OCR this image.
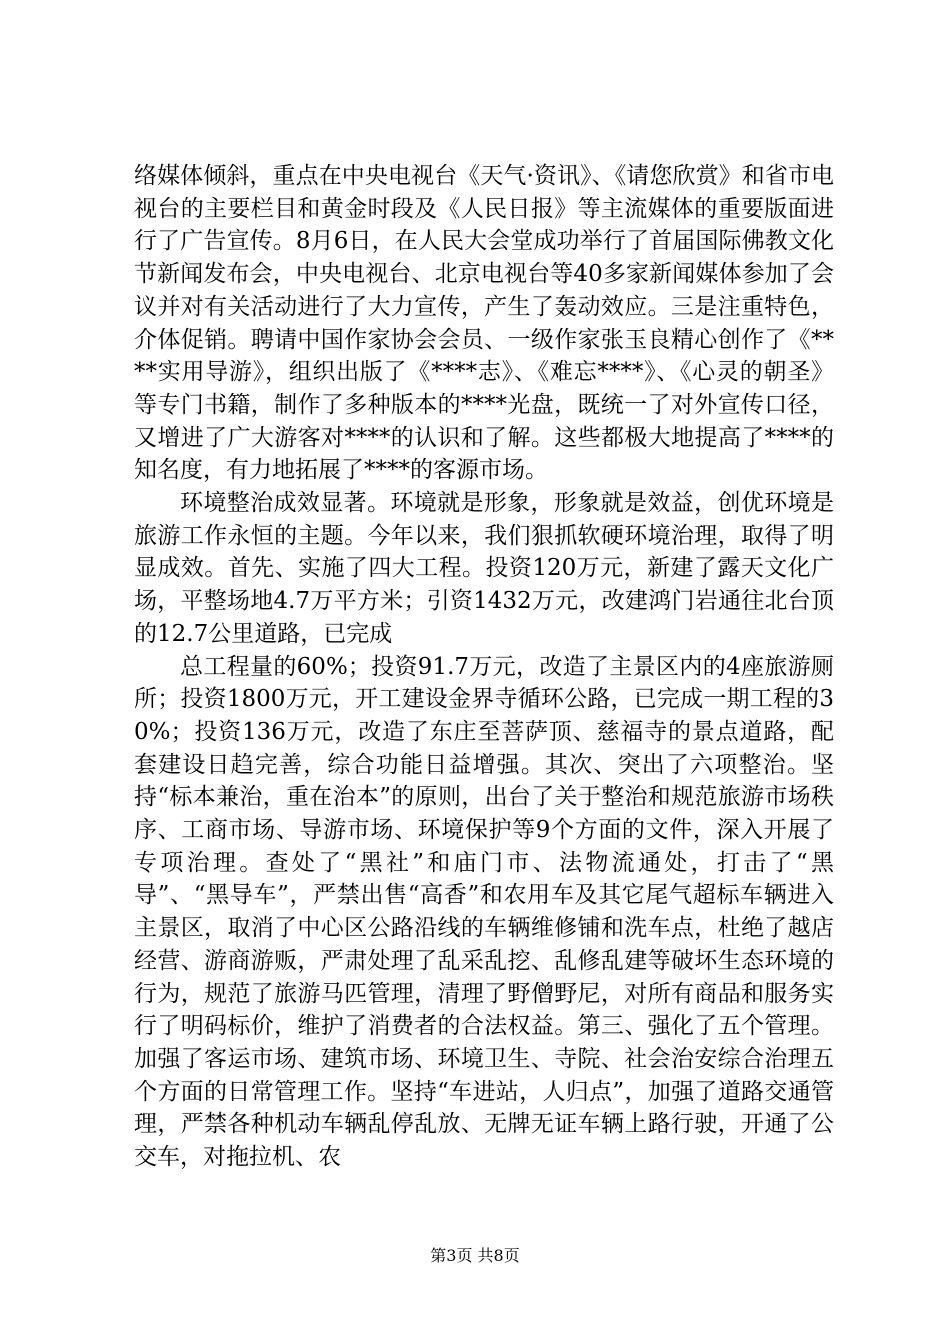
络媒体倾斜，重点在中央电视台《天气·资讯》、《请您欣赏》和省市电视台的主要栏目和黄金时段及《人民日报》等主流媒体的重要版面进行了广告宣传。8月6日，在人民大会堂成功举行了首届国际佛教文化节新闻发布会，中央电视台、北京电视台等40多家新闻媒体参加了会议并对有关活动进行了大力宣传，产生了轰动效应。三是注重特色，介体促销。聘请中国作家协会会员、一级作家张玉良精心创作了《****实用导游》，组织出版了《****志》、《难忘****》、《心灵的朝圣》等专门书籍，制作了多种版本的****光盘，既统一了对外宣传口径，又增进了广大游客对****的认识和了解。这些都极大地提高了****的知名度，有力地拓展了****的客源市场。

环境整治成效显著。环境就是形象，形象就是效益，创优环境是旅游工作永恒的主题。今年以来，我们狠抓软硬环境治理，取得了明显成效。首先、实施了四大工程。投资120万元，新建了露天文化广场，平整场地4.7万平方米；引资1432万元，改建鸿门岩通往北台顶的12.7公里道路，已完成

总工程量的60%；投资91.7万元，改造了主景区内的4座旅游厕所；投资1800万元，开工建设金界寺循环公路，已完成一期工程的30%；投资136万元，改造了东庄至菩萨顶、慈福寺的景点道路，配套建设日趋完善，综合功能日益增强。其次、突出了六项整治。坚持“标本兼治，重在治本”的原则，出台了关于整治和规范旅游市场秩序、工商市场、导游市场、环境保护等9个方面的文件，深入开展了专项治理。查处了“黑社”和庙门市、法物流通处，打击了“黑导”、“黑导车”，严禁出售“高香”和农用车及其它尾气超标车辆进入主景区，取消了中心区公路沿线的车辆维修铺和洗车点，杜绝了越店经营、游商游贩，严肃处理了乱采乱挖、乱修乱建等破坏生态环境的行为，规范了旅游马匹管理，清理了野僧野尼，对所有商品和服务实行了明码标价，维护了消费者的合法权益。第三、强化了五个管理。加强了客运市场、建筑市场、环境卫生、寺院、社会治安综合治理五个方面的日常管理工作。坚持“车进站，人归点”，加强了道路交通管理，严禁各种机动车辆乱停乱放、无牌无证车辆上路行驶，开通了公交车，对拖拉机、农

第3页 共8页
